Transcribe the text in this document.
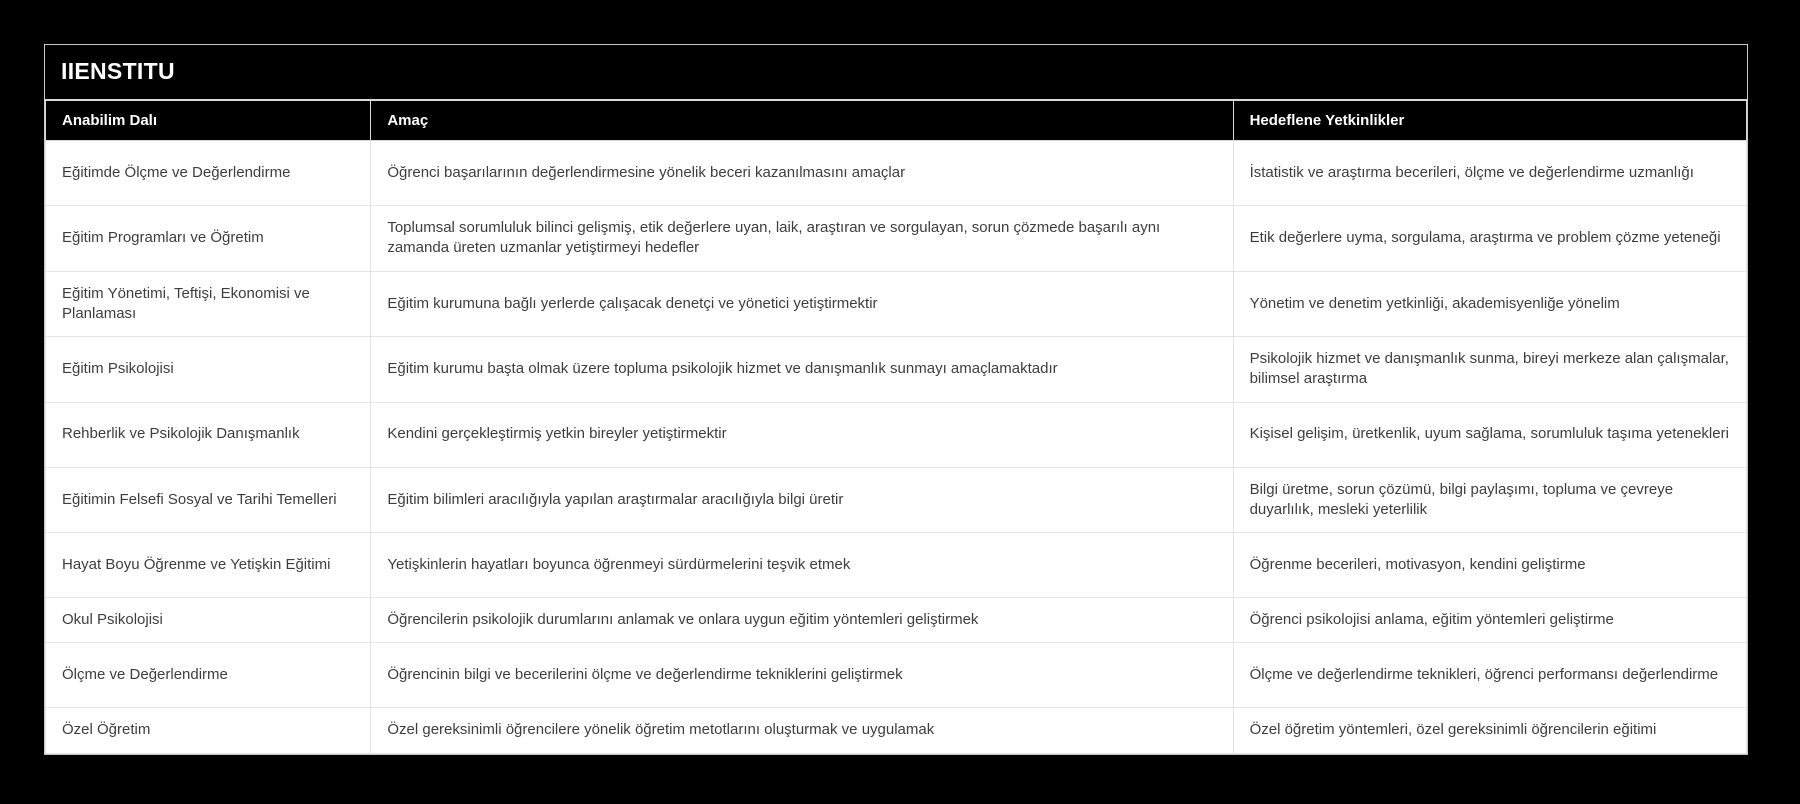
IIENSTITU
Anabilim Dalı	Amaç	Hedeflene Yetkinlikler
Eğitimde Ölçme ve Değerlendirme	Öğrenci başarılarının değerlendirmesine yönelik beceri kazanılmasını amaçlar	İstatistik ve araştırma becerileri, ölçme ve değerlendirme uzmanlığı
Eğitim Programları ve Öğretim	Toplumsal sorumluluk bilinci gelişmiş, etik değerlere uyan, laik, araştıran ve sorgulayan, sorun çözmede başarılı aynı zamanda üreten uzmanlar yetiştirmeyi hedefler	Etik değerlere uyma, sorgulama, araştırma ve problem çözme yeteneği
Eğitim Yönetimi, Teftişi, Ekonomisi ve Planlaması	Eğitim kurumuna bağlı yerlerde çalışacak denetçi ve yönetici yetiştirmektir	Yönetim ve denetim yetkinliği, akademisyenliğe yönelim
Eğitim Psikolojisi	Eğitim kurumu başta olmak üzere topluma psikolojik hizmet ve danışmanlık sunmayı amaçlamaktadır	Psikolojik hizmet ve danışmanlık sunma, bireyi merkeze alan çalışmalar, bilimsel araştırma
Rehberlik ve Psikolojik Danışmanlık	Kendini gerçekleştirmiş yetkin bireyler yetiştirmektir	Kişisel gelişim, üretkenlik, uyum sağlama, sorumluluk taşıma yetenekleri
Eğitimin Felsefi Sosyal ve Tarihi Temelleri	Eğitim bilimleri aracılığıyla yapılan araştırmalar aracılığıyla bilgi üretir	Bilgi üretme, sorun çözümü, bilgi paylaşımı, topluma ve çevreye duyarlılık, mesleki yeterlilik
Hayat Boyu Öğrenme ve Yetişkin Eğitimi	Yetişkinlerin hayatları boyunca öğrenmeyi sürdürmelerini teşvik etmek	Öğrenme becerileri, motivasyon, kendini geliştirme
Okul Psikolojisi	Öğrencilerin psikolojik durumlarını anlamak ve onlara uygun eğitim yöntemleri geliştirmek	Öğrenci psikolojisi anlama, eğitim yöntemleri geliştirme
Ölçme ve Değerlendirme	Öğrencinin bilgi ve becerilerini ölçme ve değerlendirme tekniklerini geliştirmek	Ölçme ve değerlendirme teknikleri, öğrenci performansı değerlendirme
Özel Öğretim	Özel gereksinimli öğrencilere yönelik öğretim metotlarını oluşturmak ve uygulamak	Özel öğretim yöntemleri, özel gereksinimli öğrencilerin eğitimi
